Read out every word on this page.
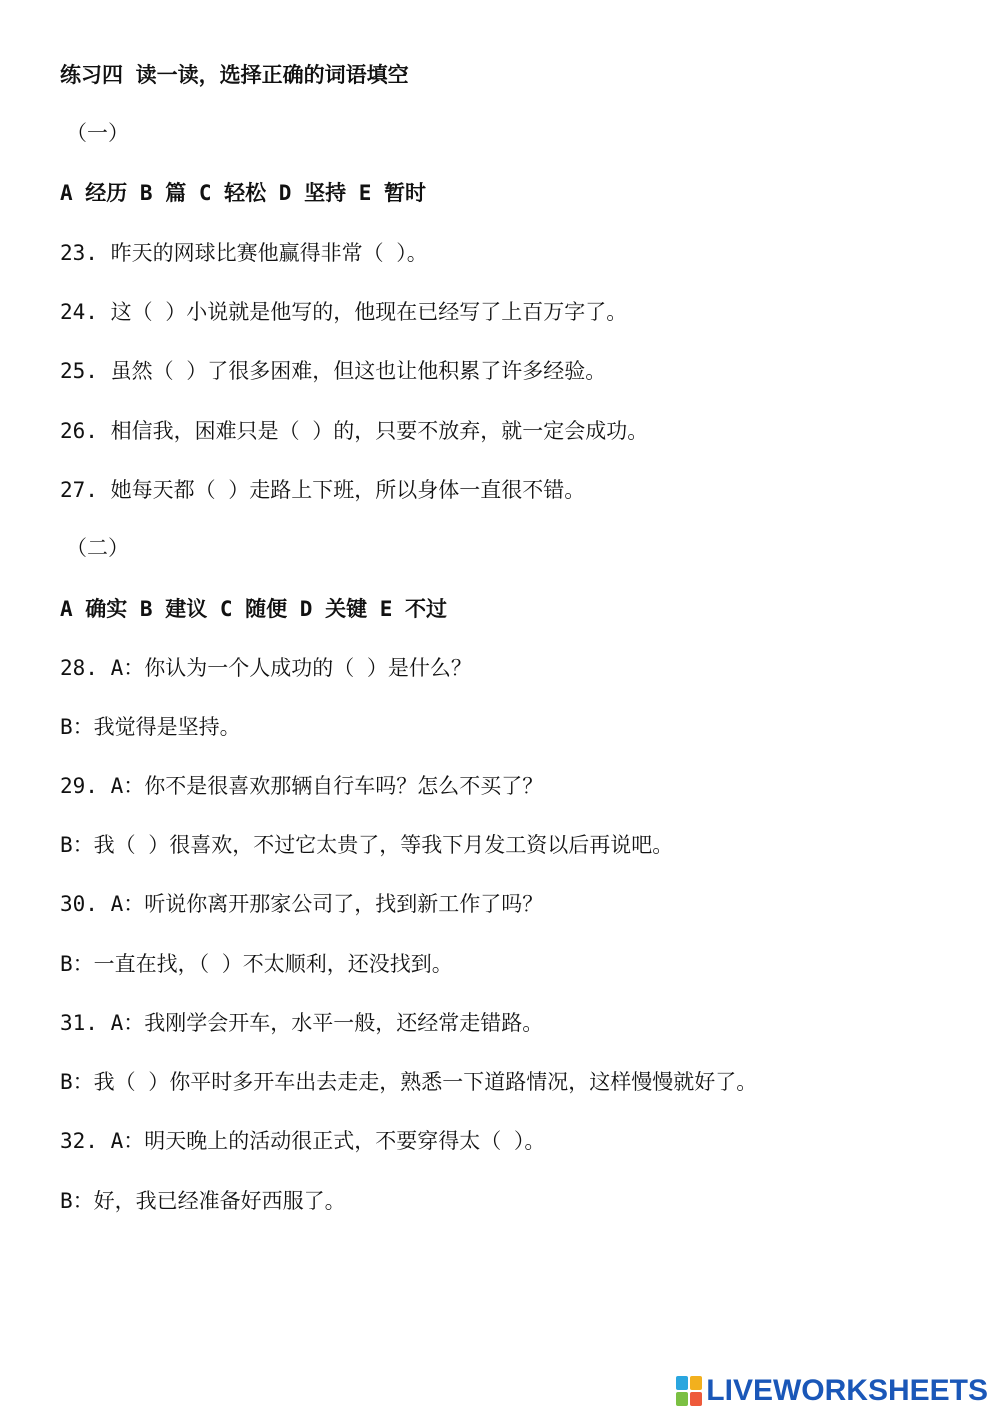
练习四 读一读，选择正确的词语填空
（一）
A 经历 B 篇 C 轻松 D 坚持 E 暂时
23. 昨天的网球比赛他赢得非常（ ）。
24. 这（ ）小说就是他写的，他现在已经写了上百万字了。
25. 虽然（ ）了很多困难，但这也让他积累了许多经验。
26. 相信我，困难只是（ ）的，只要不放弃，就一定会成功。
27. 她每天都（ ）走路上下班，所以身体一直很不错。
（二）
A 确实 B 建议 C 随便 D 关键 E 不过
28. A：你认为一个人成功的（ ）是什么？
B：我觉得是坚持。
29. A：你不是很喜欢那辆自行车吗？怎么不买了？
B：我（ ）很喜欢，不过它太贵了，等我下月发工资以后再说吧。
30. A：听说你离开那家公司了，找到新工作了吗？
B：一直在找，（ ）不太顺利，还没找到。
31. A：我刚学会开车，水平一般，还经常走错路。
B：我（ ）你平时多开车出去走走，熟悉一下道路情况，这样慢慢就好了。
32. A：明天晚上的活动很正式，不要穿得太（ ）。
B：好，我已经准备好西服了。
LIVEWORKSHEETS
